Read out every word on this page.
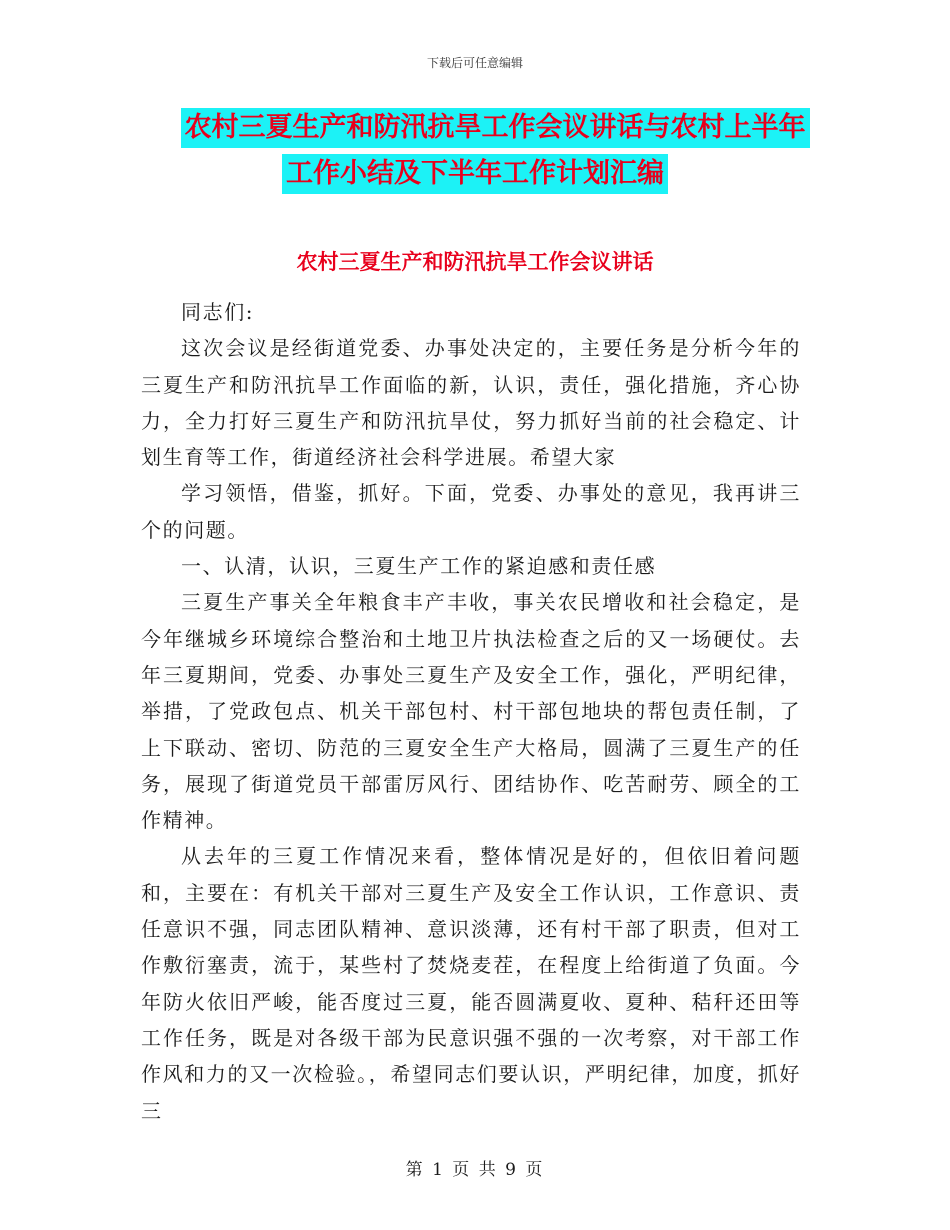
下载后可任意编辑
农村三夏生产和防汛抗旱工作会议讲话与农村上半年
工作小结及下半年工作计划汇编
农村三夏生产和防汛抗旱工作会议讲话

同志们:

这次会议是经街道党委、办事处决定的，主要任务是分析今年的三夏生产和防汛抗旱工作面临的新，认识，责任，强化措施，齐心协力，全力打好三夏生产和防汛抗旱仗，努力抓好当前的社会稳定、计划生育等工作，街道经济社会科学进展。希望大家

学习领悟，借鉴，抓好。下面，党委、办事处的意见，我再讲三个的问题。

一、认清，认识，三夏生产工作的紧迫感和责任感

三夏生产事关全年粮食丰产丰收，事关农民增收和社会稳定，是今年继城乡环境综合整治和土地卫片执法检查之后的又一场硬仗。去年三夏期间，党委、办事处三夏生产及安全工作，强化，严明纪律，举措，了党政包点、机关干部包村、村干部包地块的帮包责任制，了上下联动、密切、防范的三夏安全生产大格局，圆满了三夏生产的任务，展现了街道党员干部雷厉风行、团结协作、吃苦耐劳、顾全的工作精神。

从去年的三夏工作情况来看，整体情况是好的，但依旧着问题和，主要在：有机关干部对三夏生产及安全工作认识，工作意识、责任意识不强，同志团队精神、意识淡薄，还有村干部了职责，但对工作敷衍塞责，流于，某些村了焚烧麦茬，在程度上给街道了负面。今年防火依旧严峻，能否度过三夏，能否圆满夏收、夏种、秸秆还田等工作任务，既是对各级干部为民意识强不强的一次考察，对干部工作作风和力的又一次检验。，希望同志们要认识，严明纪律，加度，抓好三

第 1 页 共 9 页
